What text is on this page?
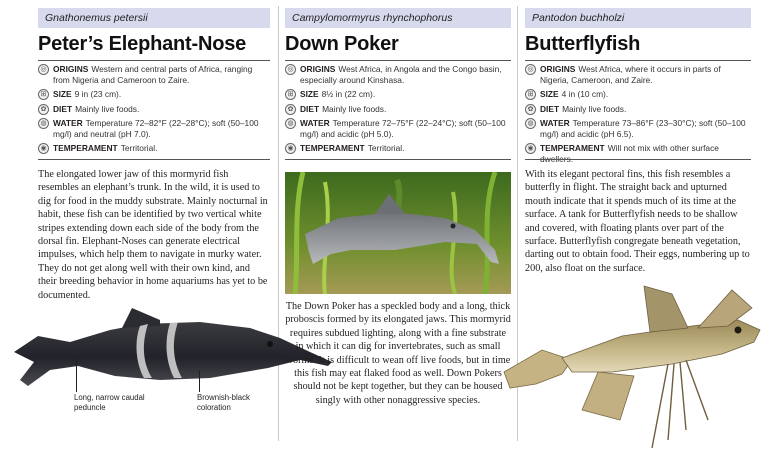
Gnathonemus petersii
Peter’s Elephant-Nose
◎ ORIGINS Western and central parts of Africa, ranging from Nigeria and Cameroon to Zaire.
⊞ SIZE 9 in (23 cm).
✿ DIET Mainly live foods.
◍ WATER Temperature 72–82°F (22–28°C); soft (50–100 mg/l) and neutral (pH 7.0).
◉ TEMPERAMENT Territorial.

The elongated lower jaw of this mormyrid fish resembles an elephant’s trunk. In the wild, it is used to dig for food in the muddy substrate. Mainly nocturnal in habit, these fish can be identified by two vertical white stripes extending down each side of the body from the dorsal fin. Elephant-Noses can generate electrical impulses, which help them to navigate in murky water. They do not get along well with their own kind, and their breeding behavior in home aquariums has yet to be documented.

Long, narrow caudal peduncle
Brownish-black coloration
Campylomormyrus rhynchophorus
Down Poker
◎ ORIGINS West Africa, in Angola and the Congo basin, especially around Kinshasa.
⊞ SIZE 8½ in (22 cm).
✿ DIET Mainly live foods.
◍ WATER Temperature 72–75°F (22–24°C); soft (50–100 mg/l) and acidic (pH 5.0).
◉ TEMPERAMENT Territorial.

The Down Poker has a speckled body and a long, thick proboscis formed by its elongated jaws. This mormyrid requires subdued lighting, along with a fine substrate in which it can dig for invertebrates, such as small worms. It is difficult to wean off live foods, but in time this fish may eat flaked food as well. Down Pokers should not be kept together, but they can be housed singly with other nonaggressive species.

Pantodon buchholzi
Butterflyfish
◎ ORIGINS West Africa, where it occurs in parts of Nigeria, Cameroon, and Zaire.
⊞ SIZE 4 in (10 cm).
✿ DIET Mainly live foods.
◍ WATER Temperature 73–86°F (23–30°C); soft (50–100 mg/l) and acidic (pH 6.5).
◉ TEMPERAMENT Will not mix with other surface

With its elegant pectoral fins, this fish resembles a butterfly in flight. The straight back and upturned mouth indicate that it spends much of its time at the surface. A tank for Butterflyfish needs to be shallow and covered, with floating plants over part of the surface. Butterflyfish congregate beneath vegetation, darting out to obtain food. Their eggs, numbering up to 200, also float on the surface.
